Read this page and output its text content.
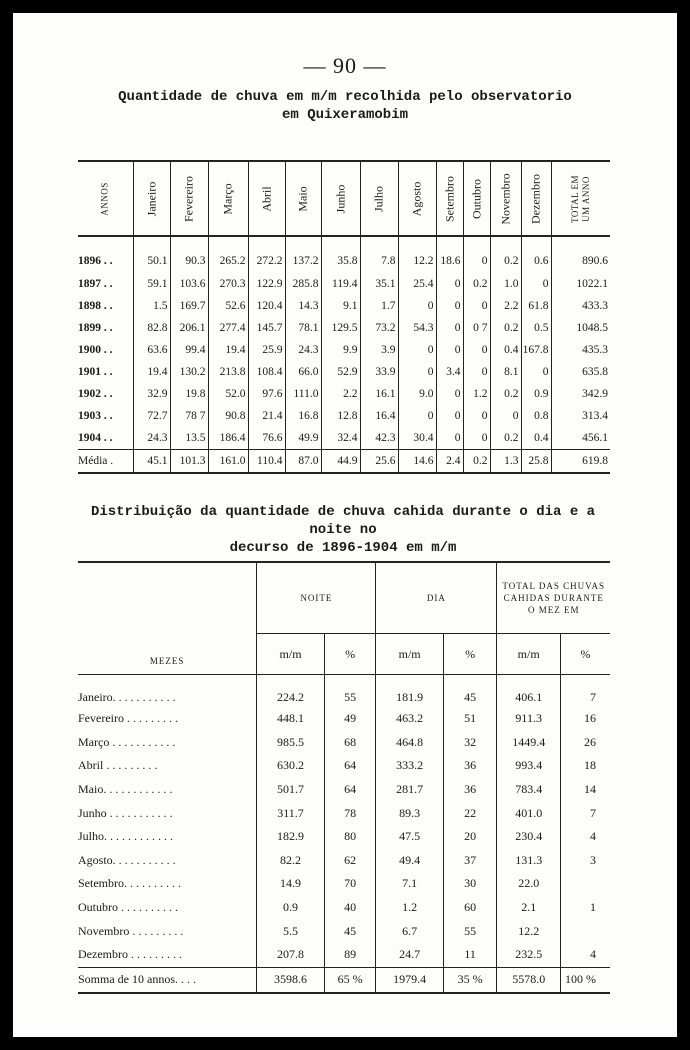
— 90 —
Quantidade de chuva em m/m recolhida pelo observatorio
em Quixeramobim
ANNOS	Janeiro	Fevereiro	Março	Abril	Maio	Junho	Julho	Agosto	Setembro	Outubro	Novembro	Dezembro	TOTAL EM UM ANNO

1896 . .	50.1	90.3	265.2	272.2	137.2	35.8	7.8	12.2	18.6	0	0.2	0.6	890.6
1897 . .	59.1	103.6	270.3	122.9	285.8	119.4	35.1	25.4	0	0.2	1.0	0	1022.1
1898 . .	1.5	169.7	52.6	120.4	14.3	9.1	1.7	0	0	0	2.2	61.8	433.3
1899 . .	82.8	206.1	277.4	145.7	78.1	129.5	73.2	54.3	0	0 7	0.2	0.5	1048.5
1900 . .	63.6	99.4	19.4	25.9	24.3	9.9	3.9	0	0	0	0.4	167.8	435.3
1901 . .	19.4	130.2	213.8	108.4	66.0	52.9	33.9	0	3.4	0	8.1	0	635.8
1902 . .	32.9	19.8	52.0	97.6	111.0	2.2	16.1	9.0	0	1.2	0.2	0.9	342.9
1903 . .	72.7	78 7	90.8	21.4	16.8	12.8	16.4	0	0	0	0	0.8	313.4
1904 . .	24.3	13.5	186.4	76.6	49.9	32.4	42.3	30.4	0	0	0.2	0.4	456.1
Média .	45.1	101.3	161.0	110.4	87.0	44.9	25.6	14.6	2.4	0.2	1.3	25.8	619.8
Distribuição da quantidade de chuva cahida durante o dia e a noite no
decurso de 1896-1904 em m/m
MEZES	NOITE		DIA		TOTAL DAS CHUVAS CAHIDAS DURANTE O MEZ EM	
	m/m	%	m/m	%	m/m	%
Janeiro. . . . . . . . . . .	224.2	55	181.9	45	406.1	7
Fevereiro . . . . . . . . .	448.1	49	463.2	51	911.3	16
Março . . . . . . . . . . .	985.5	68	464.8	32	1449.4	26
Abril . . . . . . . . .	630.2	64	333.2	36	993.4	18
Maio. . . . . . . . . . . .	501.7	64	281.7	36	783.4	14
Junho . . . . . . . . . . .	311.7	78	89.3	22	401.0	7
Julho. . . . . . . . . . . .	182.9	80	47.5	20	230.4	4
Agosto. . . . . . . . . . .	82.2	62	49.4	37	131.3	3
Setembro. . . . . . . . . .	14.9	70	7.1	30	22.0	
Outubro . . . . . . . . . .	0.9	40	1.2	60	2.1	1
Novembro . . . . . . . . .	5.5	45	6.7	55	12.2	
Dezembro . . . . . . . . .	207.8	89	24.7	11	232.5	4
Somma de 10 annos. . . .	3598.6	65 %	1979.4	35 %	5578.0	100 %
